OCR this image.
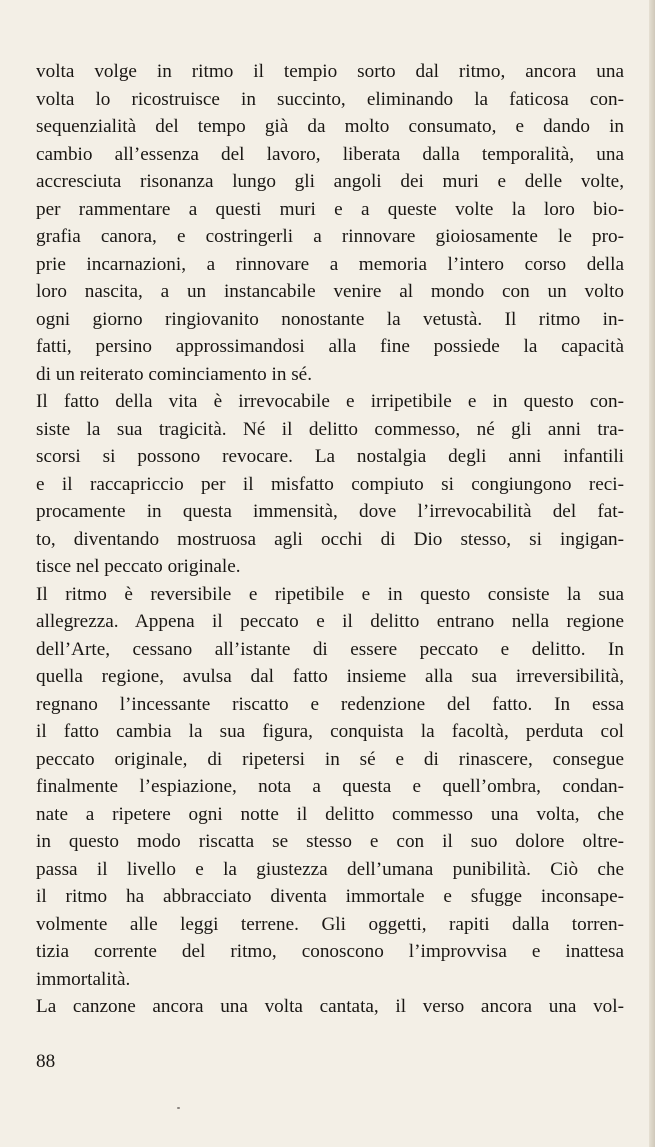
volta volge in ritmo il tempio sorto dal ritmo, ancora una
volta lo ricostruisce in succinto, eliminando la faticosa con-
sequenzialità del tempo già da molto consumato, e dando in
cambio all’essenza del lavoro, liberata dalla temporalità, una
accresciuta risonanza lungo gli angoli dei muri e delle volte,
per rammentare a questi muri e a queste volte la loro bio-
grafia canora, e costringerli a rinnovare gioiosamente le pro-
prie incarnazioni, a rinnovare a memoria l’intero corso della
loro nascita, a un instancabile venire al mondo con un volto
ogni giorno ringiovanito nonostante la vetustà. Il ritmo in-
fatti, persino approssimandosi alla fine possiede la capacità
di un reiterato cominciamento in sé.
Il fatto della vita è irrevocabile e irripetibile e in questo con-
siste la sua tragicità. Né il delitto commesso, né gli anni tra-
scorsi si possono revocare. La nostalgia degli anni infantili
e il raccapriccio per il misfatto compiuto si congiungono reci-
procamente in questa immensità, dove l’irrevocabilità del fat-
to, diventando mostruosa agli occhi di Dio stesso, si ingigan-
tisce nel peccato originale.
Il ritmo è reversibile e ripetibile e in questo consiste la sua
allegrezza. Appena il peccato e il delitto entrano nella regione
dell’Arte, cessano all’istante di essere peccato e delitto. In
quella regione, avulsa dal fatto insieme alla sua irreversibilità,
regnano l’incessante riscatto e redenzione del fatto. In essa
il fatto cambia la sua figura, conquista la facoltà, perduta col
peccato originale, di ripetersi in sé e di rinascere, consegue
finalmente l’espiazione, nota a questa e quell’ombra, condan-
nate a ripetere ogni notte il delitto commesso una volta, che
in questo modo riscatta se stesso e con il suo dolore oltre-
passa il livello e la giustezza dell’umana punibilità. Ciò che
il ritmo ha abbracciato diventa immortale e sfugge inconsape-
volmente alle leggi terrene. Gli oggetti, rapiti dalla torren-
tizia corrente del ritmo, conoscono l’improvvisa e inattesa
immortalità.
La canzone ancora una volta cantata, il verso ancora una vol-
88
